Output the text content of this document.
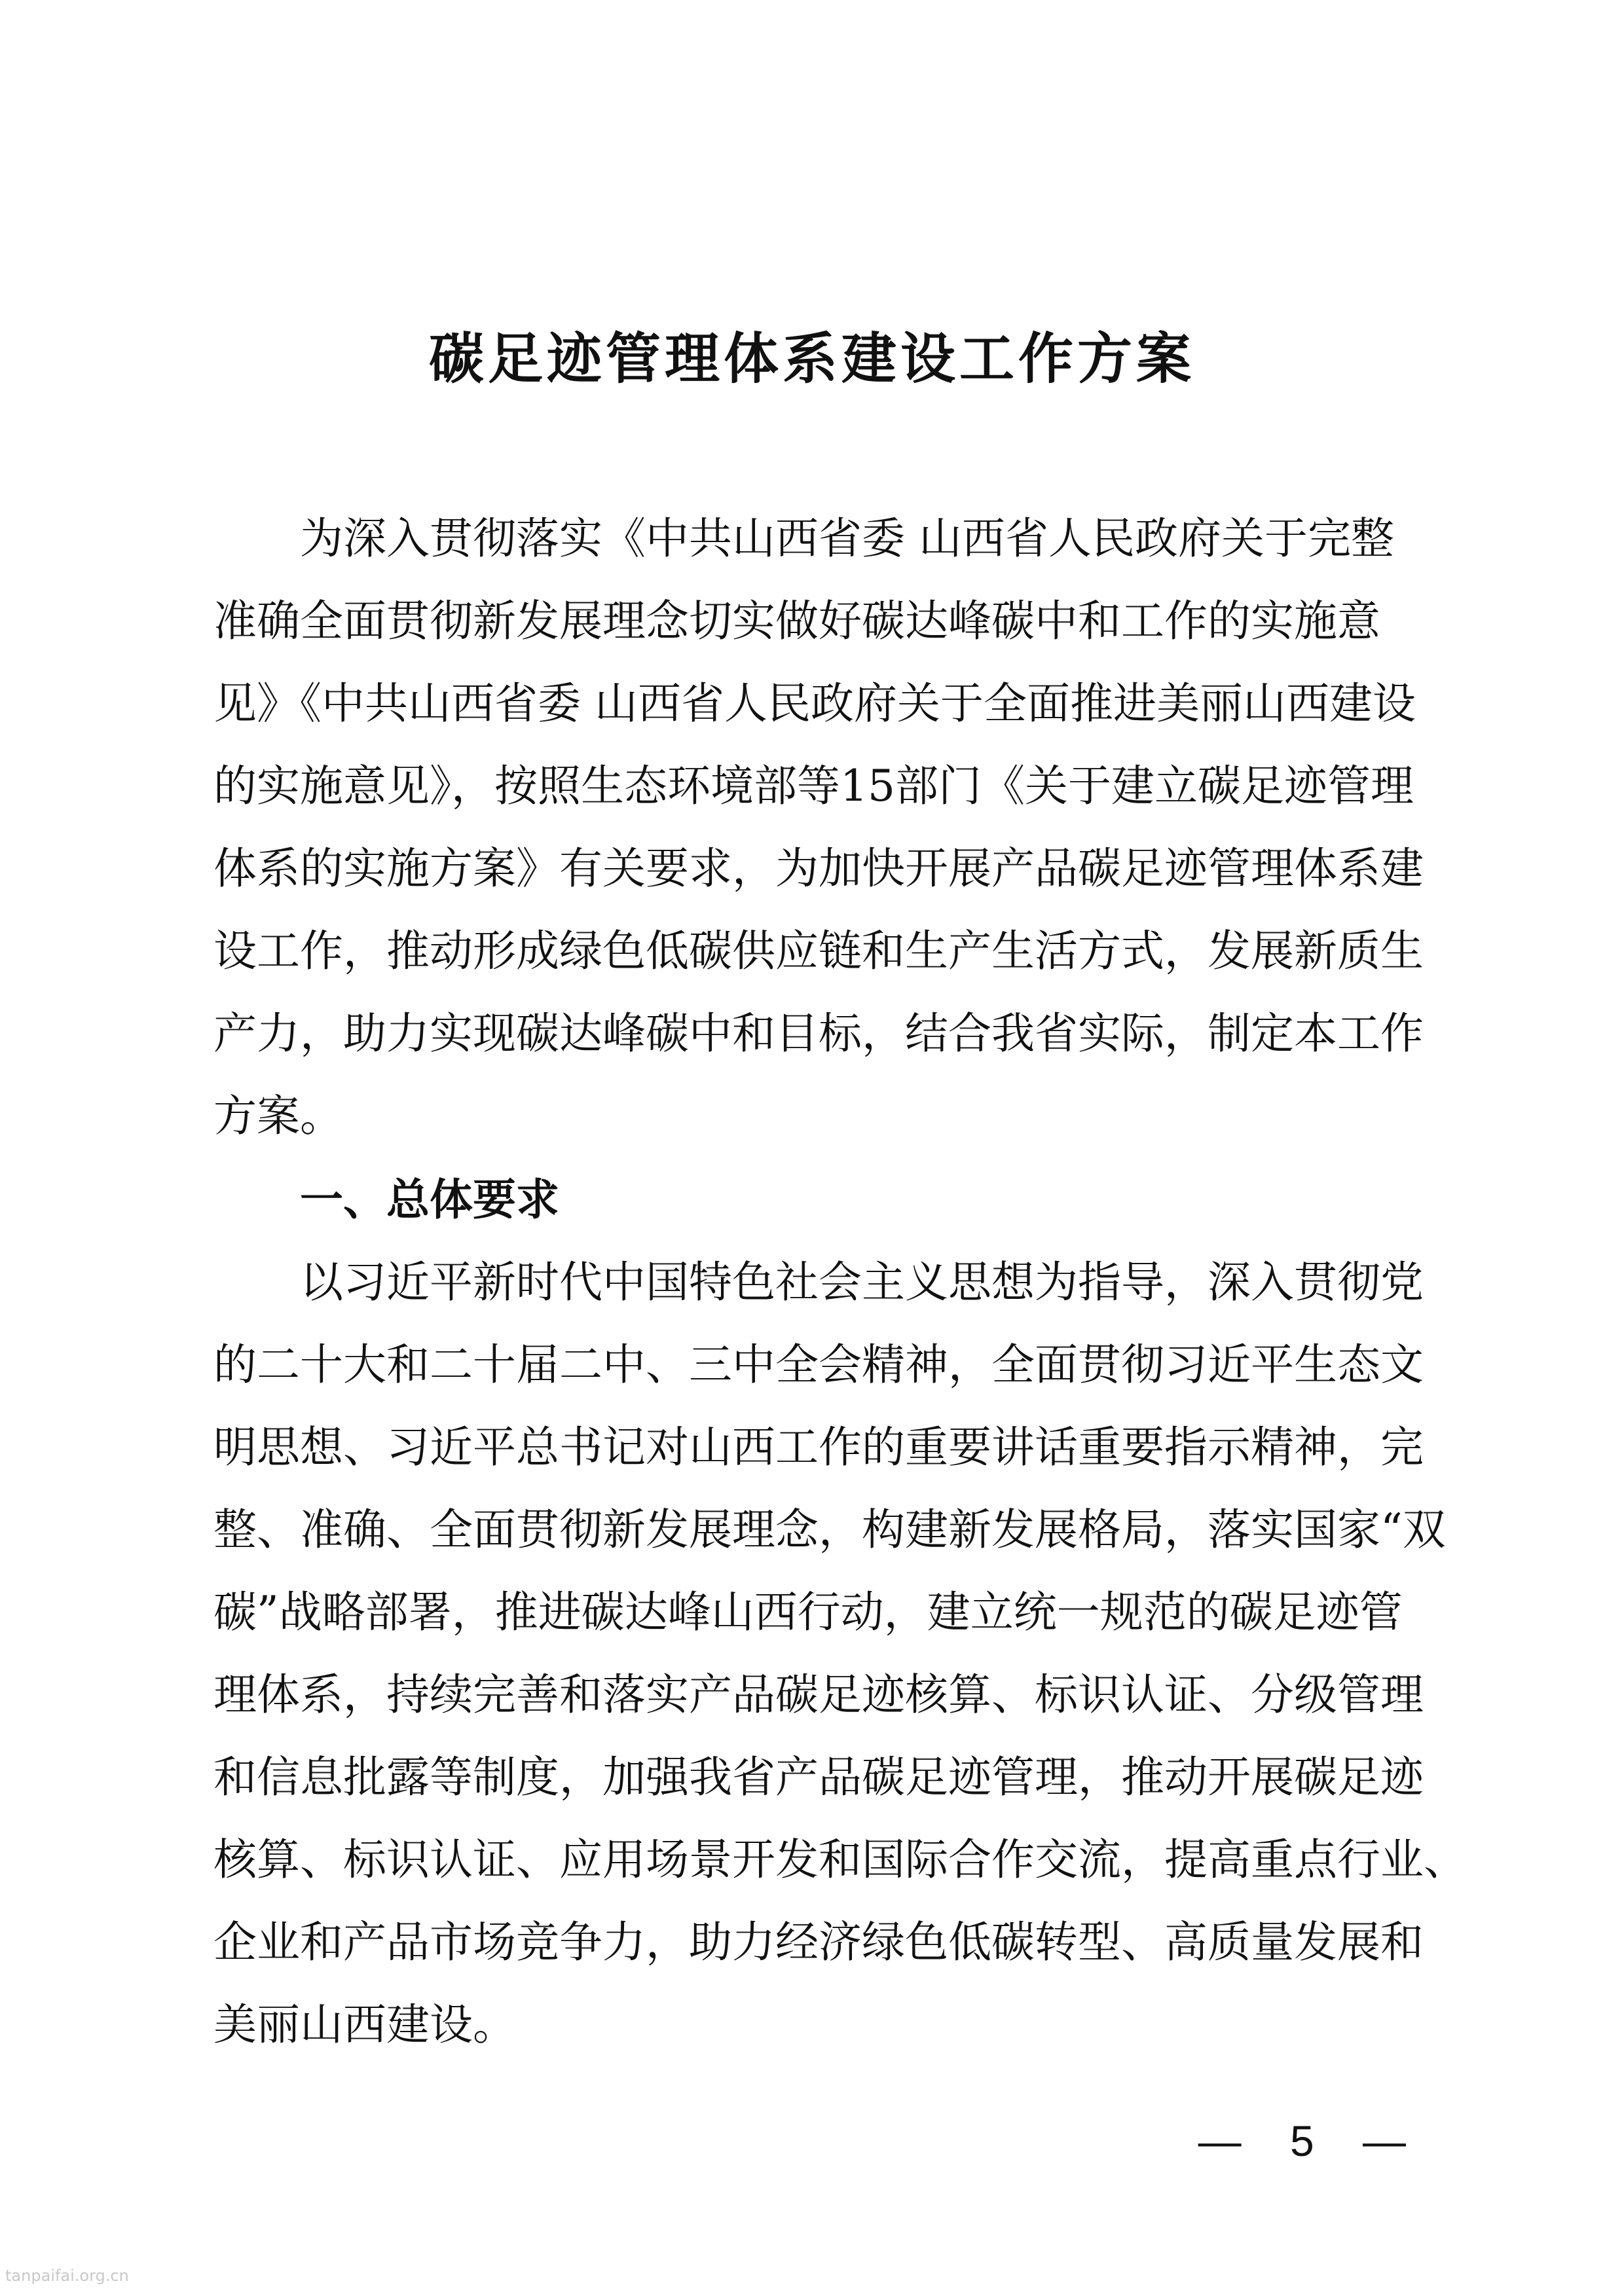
碳足迹管理体系建设工作方案
为深入贯彻落实《中共山西省委 山西省人民政府关于完整
准确全面贯彻新发展理念切实做好碳达峰碳中和工作的实施意
见》《中共山西省委 山西省人民政府关于全面推进美丽山西建设
的实施意见》，按照生态环境部等15部门《关于建立碳足迹管理
体系的实施方案》有关要求，为加快开展产品碳足迹管理体系建
设工作，推动形成绿色低碳供应链和生产生活方式，发展新质生
产力，助力实现碳达峰碳中和目标，结合我省实际，制定本工作
方案。
一、总体要求
以习近平新时代中国特色社会主义思想为指导，深入贯彻党
的二十大和二十届二中、三中全会精神，全面贯彻习近平生态文
明思想、习近平总书记对山西工作的重要讲话重要指示精神，完
整、准确、全面贯彻新发展理念，构建新发展格局，落实国家“双
碳”战略部署，推进碳达峰山西行动，建立统一规范的碳足迹管
理体系，持续完善和落实产品碳足迹核算、标识认证、分级管理
和信息批露等制度，加强我省产品碳足迹管理，推动开展碳足迹
核算、标识认证、应用场景开发和国际合作交流，提高重点行业、
企业和产品市场竞争力，助力经济绿色低碳转型、高质量发展和
美丽山西建设。
— 5 —
tanpaifai.org.cn
